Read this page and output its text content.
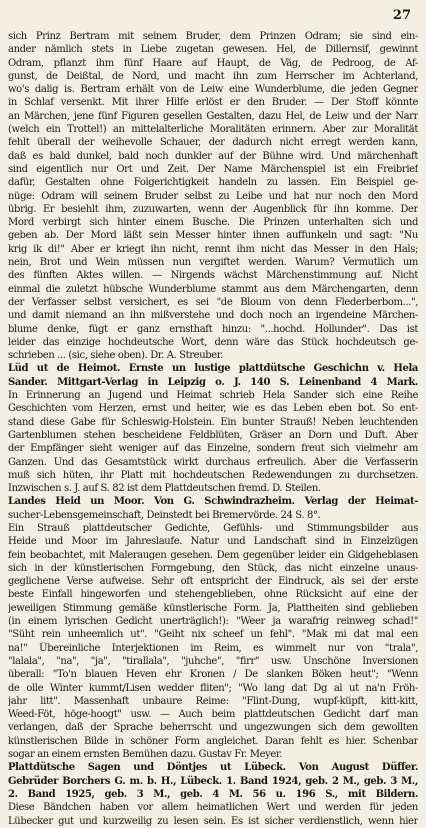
27
sich Prinz Bertram mit seinem Bruder, dem Prinzen Odram; sie sind ein-
ander nämlich stets in Liebe zugetan gewesen. Hel, de Dillernsif, gewinnt
Odram, pflanzt ihm fünf Haare auf Haupt, de Väg, de Pedroog, de Af-
gunst, de Deißtal, de Nord, und macht ihn zum Herrscher im Achterland,
wo's dalig is. Bertram erhält von de Leiw eine Wunderblume, die jeden Gegner
in Schlaf versenkt. Mit ihrer Hilfe erlöst er den Bruder. — Der Stoff könnte
an Märchen, jene fünf Figuren gesellen Gestalten, dazu Hel, de Leiw und der Narr
(welch ein Trottel!) an mittelalterliche Moralitäten erinnern. Aber zur Moralität
fehlt überall der weihevolle Schauer, der dadurch nicht erregt werden kann,
daß es bald dunkel, bald noch dunkler auf der Bühne wird. Und märchenhaft
sind eigentlich nur Ort und Zeit. Der Name Märchenspiel ist ein Freibrief
dafür, Gestalten ohne Folgerichtigkeit handeln zu lassen. Ein Beispiel ge-
nüge: Odram will seinem Bruder selbst zu Leibe und hat nur noch den Mord
übrig. Er besiehlt ihm, zuzuwarten, wenn der Augenblick für ihn komme. Der
Mord verbirgt sich hinter einem Busche. Die Prinzen unterhalten sich und
geben ab. Der Mord läßt sein Messer hinter ihnen auffunkeln und sagt: "Nu
krig ik di!" Aber er kriegt ihn nicht, rennt ihm nicht das Messer in den Hals;
nein, Brot und Wein müssen nun vergiftet werden. Warum? Vermutlich um
des fünften Aktes willen. — Nirgends wächst Märchenstimmung auf. Nicht
einmal die zuletzt hübsche Wunderblume stammt aus dem Märchengarten, denn
der Verfasser selbst versichert, es sei "de Bloum von denn Flederberbom...",
und damit niemand an ihn mißverstehe und doch noch an irgendeine Märchen-
blume denke, fügt er ganz ernsthaft hinzu: "...hochd. Hollunder". Das ist
leider das einzige hochdeutsche Wort, denn wäre das Stück hochdeutsch ge-
schrieben ... (sic, siehe oben). Dr. A. Streuber.
Lüd ut de Heimot. Ernste un lustige plattdütsche Geschichn v. Hela
Sander. Mittgart-Verlag in Leipzig o. J. 140 S. Leinenband 4 Mark.
In Erinnerung an Jugend und Heimat schrieb Hela Sander sich eine Reihe
Geschichten vom Herzen, ernst und heiter, wie es das Leben eben bot. So ent-
stand diese Gabe für Schleswig-Holstein. Ein bunter Strauß! Neben leuchtenden
Gartenblumen stehen bescheidene Feldblüten, Gräser an Dorn und Duft. Aber
der Empfänger sieht weniger auf das Einzelne, sondern freut sich vielmehr am
Ganzen. Und das Gesamtstück wirkt durchaus erfreulich. Aber die Verfasserin
muß sich hüten, ihr Platt mit hochdeutschen Redewendungen zu durchsetzen.
Inzwischen s. J. auf S. 82 ist dem Plattdeutschen fremd. D. Steilen.
Landes Heid un Moor. Von G. Schwindrazheim. Verlag der Heimat-
sucher-Lebensgemeinschaft, Deinstedt bei Bremervörde. 24 S. 8°.
Ein Strauß plattdeutscher Gedichte, Gefühls- und Stimmungsbilder aus
Heide und Moor im Jahreslaufe. Natur und Landschaft sind in Einzelzügen
fein beobachtet, mit Maleraugen gesehen. Dem gegenüber leider ein Gidgeheblasen
sich in der künstlerischen Formgebung, den Stück, das nicht einzelne unaus-
geglichene Verse aufweise. Sehr oft entspricht der Eindruck, als sei der erste
beste Einfall hingeworfen und stehengeblieben, ohne Rücksicht auf eine der
jeweiligen Stimmung gemäße künstlerische Form. Ja, Plattheiten sind geblieben
(in einem lyrischen Gedicht unerträglich!): "Weer ja warafrig reinweg schad!"
"Süht rein unheemlich ut". "Geiht nix scheef un fehl". "Mak mi dat mal een
na!" Übereinliche Interjektionen im Reim, es wimmelt nur von "trala",
"lalala", "na", "ja", "tirallala", "juhche", "firr" usw. Unschöne Inversionen
überall: "To'n blauen Heven ehr Kronen / De slanken Böken heut"; "Wenn
de olle Winter kummt/Lisen wedder fliten"; "Wo lang dat Dg al ut na'n Fröh-
jahr litt". Massenhaft unbaure Reime: "Flint-Dung, wupf-küpft, kitt-kitt,
Weed-Föt, höge-hoogt" usw. — Auch beim plattdeutschen Gedicht darf man
verlangen, daß der Sprache beherrscht und ungezwungen sich dem gewollten
künstlerischen Bilde in schöner Form angleichet. Daran fehlt es hier. Schenbar
sogar an einem ernsten Bemühen dazu. Gustav Fr. Meyer.
Plattdütsche Sagen und Döntjes ut Lübeck. Von August Düffer.
Gebrüder Borchers G. m. b. H., Lübeck. 1. Band 1924, geb. 2 M., geb. 3 M.,
2. Band 1925, geb. 3 M., geb. 4 M. 56 u. 196 S., mit Bildern.
Diese Bändchen haben vor allem heimatlichen Wert und werden für jeden
Lübecker gut und kurzweilig zu lesen sein. Es ist sicher verdienstlich, wenn hier
